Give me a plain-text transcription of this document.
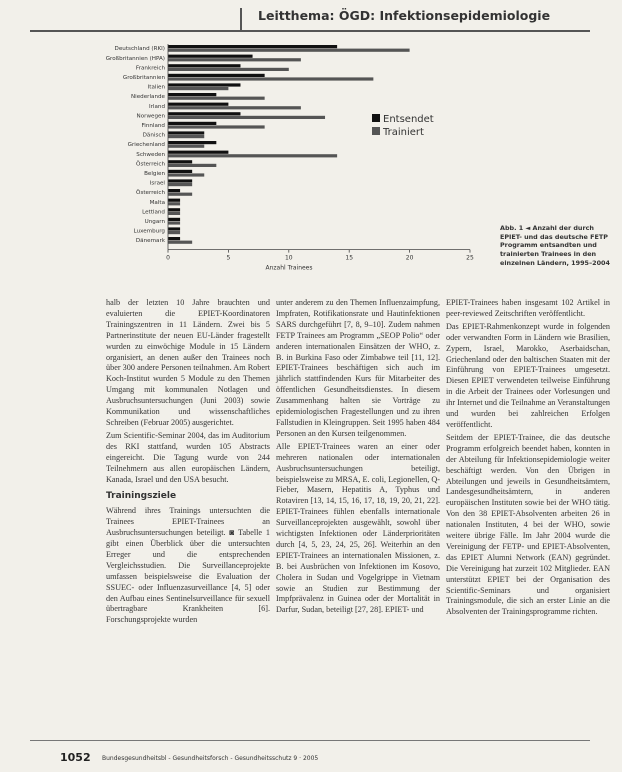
Leitthema: ÖGD: Infektionsepidemiologie
Deutschland (RKI)
Großbritannien (HPA)
Frankreich
Großbritannien
Italien
Niederlande
Irland
Norwegen
Finnland
Dänisch
Griechenland
Schweden
Österreich
Belgien
Israel
Österreich
Malta
Lettland
Ungarn
Luxemburg
Dänemark
0	5	10	15	20	25
Anzahl Trainees
Entsendet
Trainiert
Abb. 1 ◄ Anzahl der durch EPIET- und das deutsche FETP Programm entsandten und trainierten Trainees in den einzelnen Ländern, 1995–2004

halb der letzten 10 Jahre brauchten und evaluierten die EPIET-Koordinatoren Trainingszentren in 11 Ländern. Zwei bis 5 Partnerinstitute der neuen EU-Länder fragestellt wurden zu einwöchige Module in 15 Ländern organisiert, an denen außer den Trainees noch über 300 andere Personen teilnahmen. Am Robert Koch-Institut wurden 5 Module zu den Themen Umgang mit kommunalen Notlagen und Ausbruchsuntersuchungen (Juni 2003) sowie Kommunikation und wissenschaftliches Schreiben (Februar 2005) ausgerichtet.

Zum Scientific-Seminar 2004, das im Auditorium des RKI stattfand, wurden 105 Abstracts eingereicht. Die Tagung wurde von 244 Teilnehmern aus allen europäischen Ländern, Kanada, Israel und den USA besucht.

Trainingsziele

Während ihres Trainings untersuchten die Trainees EPIET-Trainees an Ausbruchsuntersuchungen beteiligt. ◙ Tabelle 1 gibt einen Überblick über die untersuchten Erreger und die entsprechenden Vergleichsstudien. Die Surveillanceprojekte umfassen beispielsweise die Evaluation der SSUEC- oder Influenzasurveillance [4, 5] oder den Aufbau eines Sentinelsurveillance für sexuell übertragbare Krankheiten [6]. Forschungsprojekte wurden

unter anderem zu den Themen Influenzaimpfung, Impfraten, Rotifikationsrate und Hautinfektionen SARS durchgeführt [7, 8, 9–10]. Zudem nahmen FETP Trainees am Programm „SEOP Polio“ oder anderen internationalen Einsätzen der WHO, z. B. in Burkina Faso oder Zimbabwe teil [11, 12]. EPIET-Trainees beschäftigen sich auch im jährlich stattfindenden Kurs für Mitarbeiter des öffentlichen Gesundheitsdienstes. In diesem Zusammenhang halten sie Vorträge zu epidemiologischen Fragestellungen und zu ihren Fallstudien in Kleingruppen. Seit 1995 haben 484 Personen an den Kursen teilgenommen.

Alle EPIET-Trainees waren an einer oder mehreren nationalen oder internationalen Ausbruchsuntersuchungen beteiligt, beispielsweise zu MRSA, E. coli, Legionellen, Q-Fieber, Masern, Hepatitis A, Typhus und Rotaviren [13, 14, 15, 16, 17, 18, 19, 20, 21, 22]. EPIET-Trainees fühlen ebenfalls internationale Surveillanceprojekten ausgewählt, sowohl über wichtigsten Infektionen oder Länderprioritäten durch [4, 5, 23, 24, 25, 26]. Weiterhin an den EPIET-Trainees an internationalen Missionen, z. B. bei Ausbrüchen von Infektionen im Kosovo, Cholera in Sudan und Vogelgrippe in Vietnam sowie an Studien zur Bestimmung der Impfprävalenz in Guinea oder der Mortalität in Darfur, Sudan, beteiligt [27, 28]. EPIET- und

EPIET-Trainees haben insgesamt 102 Artikel in peer-reviewed Zeitschriften veröffentlicht.

Das EPIET-Rahmenkonzept wurde in folgenden oder verwandten Form in Ländern wie Brasilien, Zypern, Israel, Marokko, Aserbaidschan, Griechenland oder den baltischen Staaten mit der Einführung von EPIET-Trainees umgesetzt. Diesen EPIET verwendeten teilweise Einführung in die Arbeit der Trainees oder Vorlesungen und ihr Internet und die Teilnahme an Veranstaltungen und wurden bei zahlreichen Erfolgen veröffentlicht.

Seitdem der EPIET-Trainee, die das deutsche Programm erfolgreich beendet haben, konnten in der Abteilung für Infektionsepidemiologie weiter beschäftigt werden. Von den Übrigen in Abteilungen und jeweils in Gesundheitsämtern, Landesgesundheitsämtern, in anderen europäischen Instituten sowie bei der WHO tätig. Von den 38 EPIET-Absolventen arbeiten 26 in nationalen Instituten, 4 bei der WHO, sowie weitere übrige Fälle. Im Jahr 2004 wurde die Vereinigung der FETP- und EPIET-Absolventen, das EPIET Alumni Network (EAN) gegründet. Die Vereinigung hat zurzeit 102 Mitglieder. EAN unterstützt EPIET bei der Organisation des Scientific-Seminars und organisiert Trainingsmodule, die sich an erster Linie an die Absolventen der Trainingsprogramme richten.

1052 Bundesgesundheitsbl - Gesundheitsforsch - Gesundheitsschutz 9 · 2005
